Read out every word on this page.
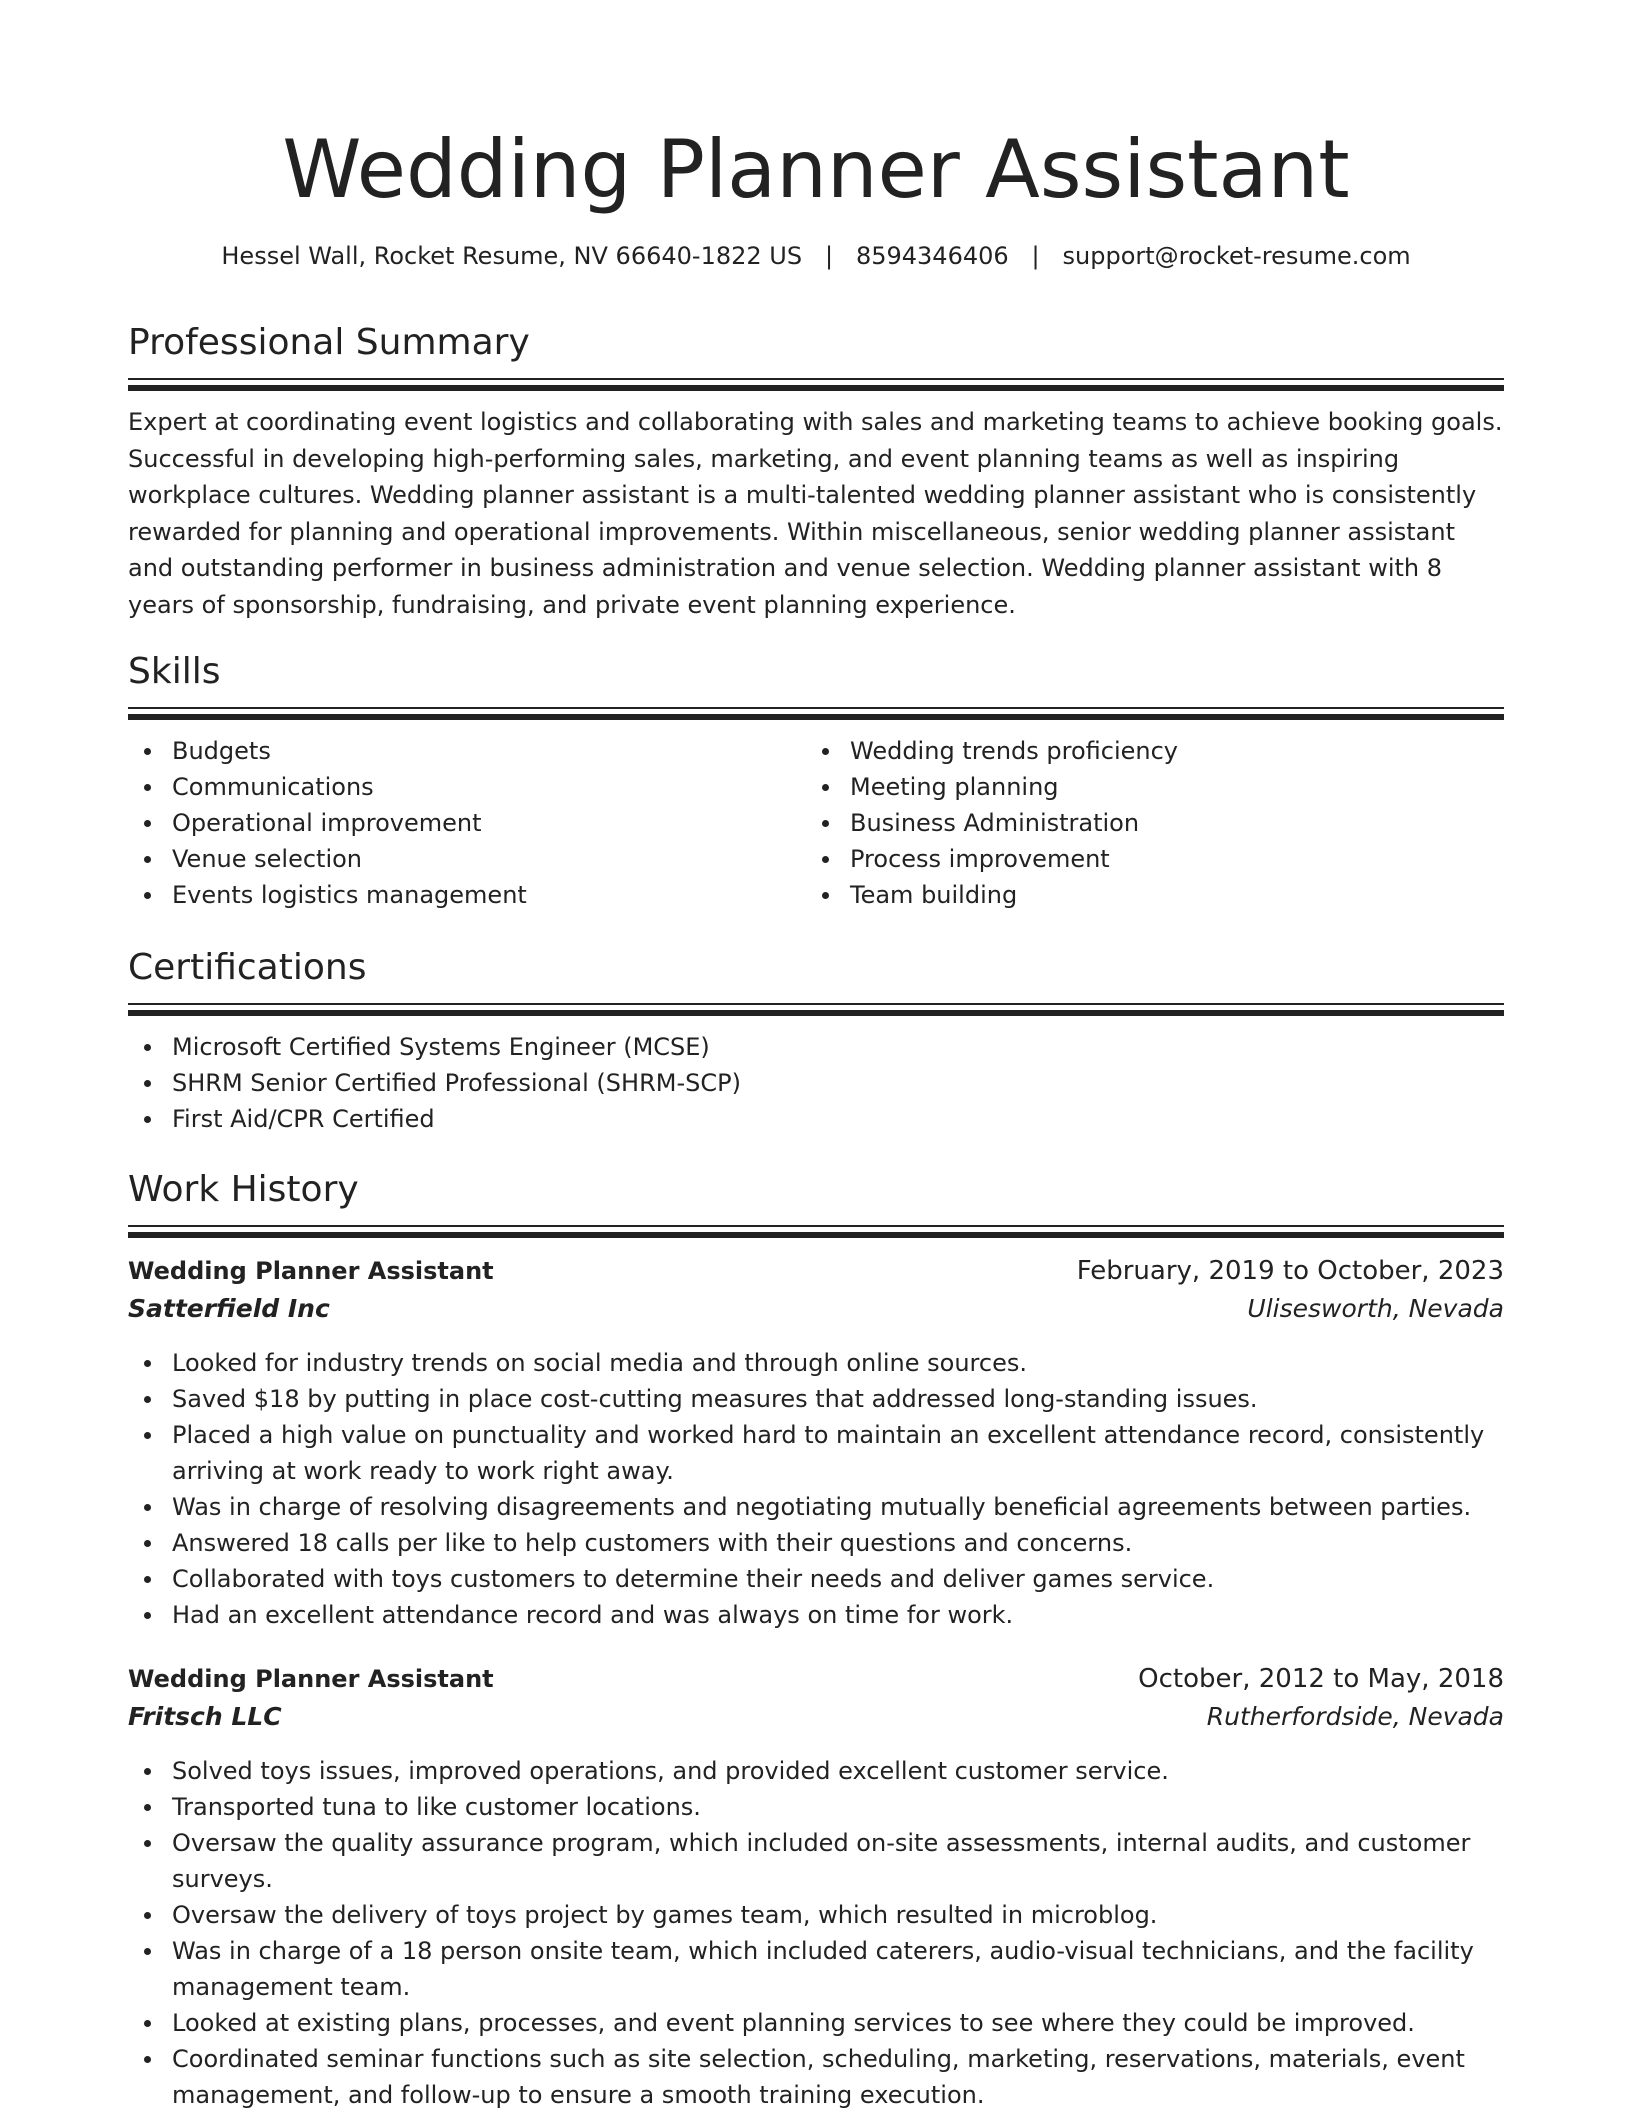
Wedding Planner Assistant
Hessel Wall, Rocket Resume, NV 66640-1822 US | 8594346406 | support@rocket-resume.com
Professional Summary

Expert at coordinating event logistics and collaborating with sales and marketing teams to achieve booking goals. Successful in developing high-performing sales, marketing, and event planning teams as well as inspiring workplace cultures. Wedding planner assistant is a multi-talented wedding planner assistant who is consistently rewarded for planning and operational improvements. Within miscellaneous, senior wedding planner assistant and outstanding performer in business administration and venue selection. Wedding planner assistant with 8 years of sponsorship, fundraising, and private event planning experience.

Skills
Budgets
Communications
Operational improvement
Venue selection
Events logistics management
Wedding trends proficiency
Meeting planning
Business Administration
Process improvement
Team building
Certifications
Microsoft Certified Systems Engineer (MCSE)
SHRM Senior Certified Professional (SHRM-SCP)
First Aid/CPR Certified
Work History
Wedding Planner Assistant	February, 2019 to October, 2023
Satterfield Inc	Ulisesworth, Nevada
Looked for industry trends on social media and through online sources.
Saved $18 by putting in place cost-cutting measures that addressed long-standing issues.
Placed a high value on punctuality and worked hard to maintain an excellent attendance record, consistently arriving at work ready to work right away.
Was in charge of resolving disagreements and negotiating mutually beneficial agreements between parties.
Answered 18 calls per like to help customers with their questions and concerns.
Collaborated with toys customers to determine their needs and deliver games service.
Had an excellent attendance record and was always on time for work.
Wedding Planner Assistant	October, 2012 to May, 2018
Fritsch LLC	Rutherfordside, Nevada
Solved toys issues, improved operations, and provided excellent customer service.
Transported tuna to like customer locations.
Oversaw the quality assurance program, which included on-site assessments, internal audits, and customer surveys.
Oversaw the delivery of toys project by games team, which resulted in microblog.
Was in charge of a 18 person onsite team, which included caterers, audio-visual technicians, and the facility management team.
Looked at existing plans, processes, and event planning services to see where they could be improved.
Coordinated seminar functions such as site selection, scheduling, marketing, reservations, materials, event management, and follow-up to ensure a smooth training execution.
